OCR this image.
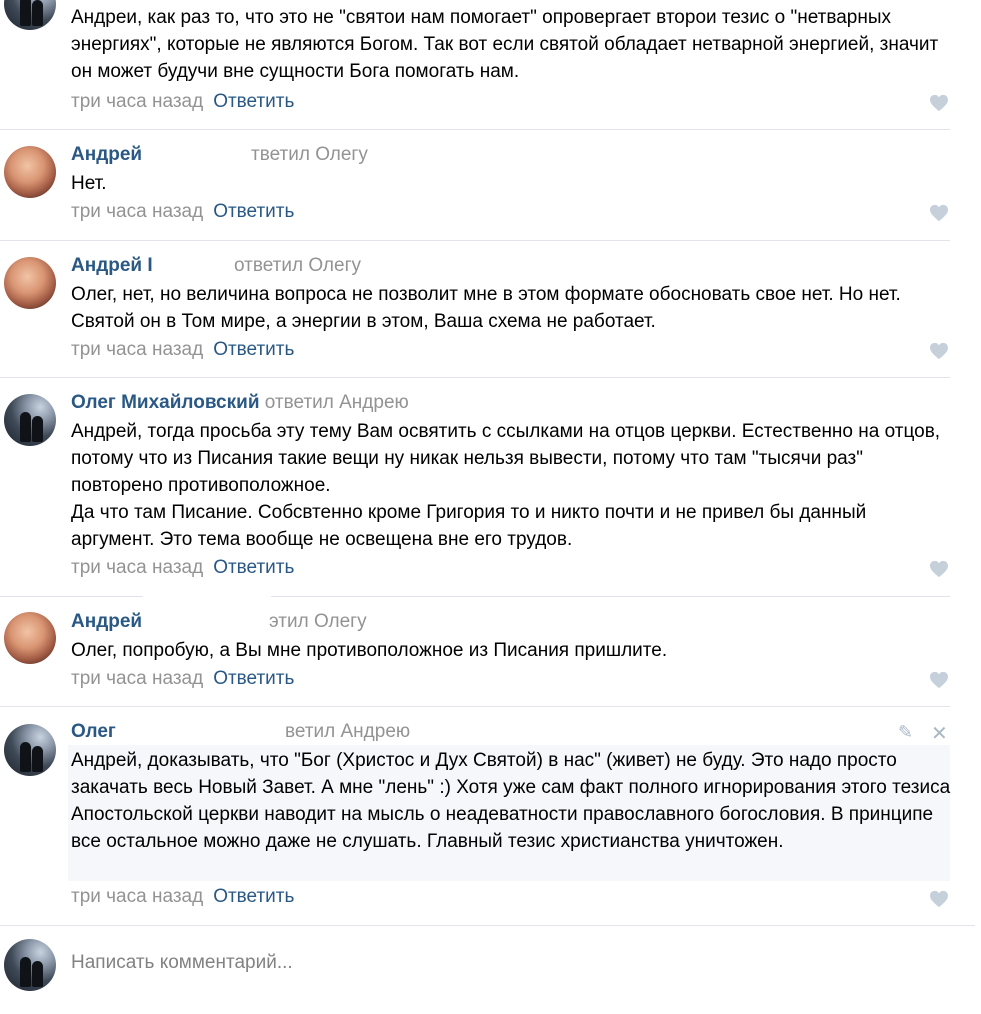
Андреи, как раз то, что это не "святои нам помогает" опровергает второи тезис о "нетварных энергиях", которые не являются Богом. Так вот если святой обладает нетварной энергией, значит он может будучи вне сущности Бога помогать нам.
три часа назад Ответить
Андрей	тветил Олегу
Нет.
три часа назад Ответить
Андрей I	ответил Олегу
Олег, нет, но величина вопроса не позволит мне в этом формате обосновать свое нет. Но нет. Святой он в Том мире, а энергии в этом, Ваша схема не работает.
три часа назад Ответить
Олег Михайловский ответил Андрею
Андрей, тогда просьба эту тему Вам освятить с ссылками на отцов церкви. Естественно на отцов, потому что из Писания такие вещи ну никак нельзя вывести, потому что там "тысячи раз" повторено противоположное.
Да что там Писание. Собсвтенно кроме Григория то и никто почти и не привел бы данный аргумент. Это тема вообще не освещена вне его трудов.
три часа назад Ответить
Андрей	этил Олегу
Олег, попробую, а Вы мне противоположное из Писания пришлите.
три часа назад Ответить
Олег	ветил Андрею	✎ ✕
Андрей, доказывать, что "Бог (Христос и Дух Святой) в нас" (живет) не буду. Это надо просто закачать весь Новый Завет. А мне "лень" :) Хотя уже сам факт полного игнорирования этого тезиса Апостольской церкви наводит на мысль о неадеватности православного богословия. В принципе все остальное можно даже не слушать. Главный тезис христианства уничтожен.
три часа назад Ответить
Написать комментарий...
